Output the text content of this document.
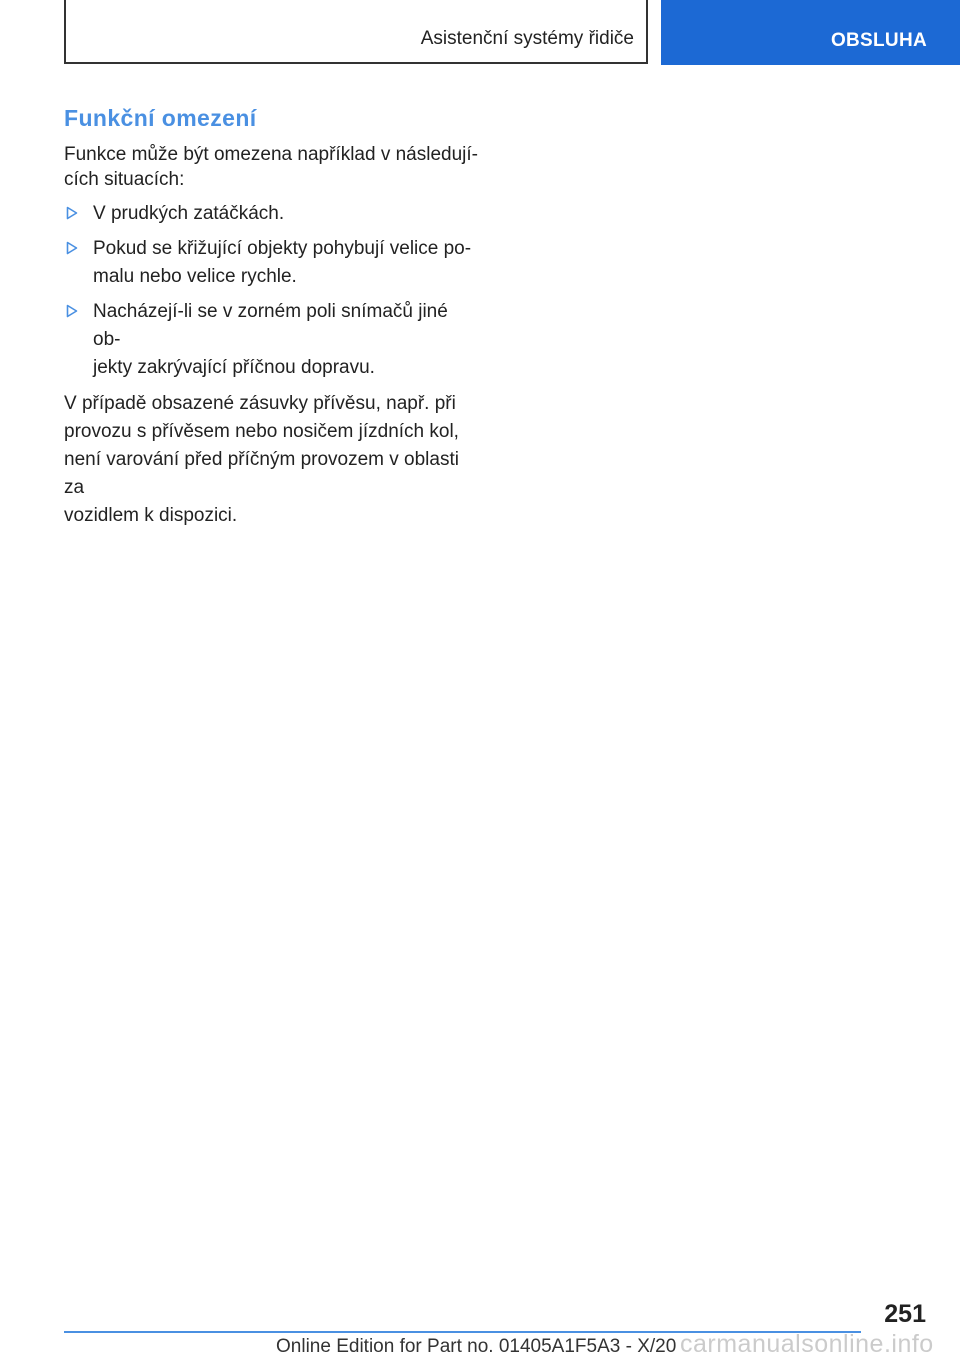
Asistenční systémy řidiče	OBSLUHA
Funkční omezení

Funkce může být omezena například v následují‐
cích situacích:

V prudkých zatáčkách.
Pokud se křižující objekty pohybují velice po‐
malu nebo velice rychle.
Nacházejí-li se v zorném poli snímačů jiné ob‐
jekty zakrývající příčnou dopravu.

V případě obsazené zásuvky přívěsu, např. při
provozu s přívěsem nebo nosičem jízdních kol,
není varování před příčným provozem v oblasti za
vozidlem k dispozici.

251
Online Edition for Part no. 01405A1F5A3 - X/20 carmanualsonline.info
